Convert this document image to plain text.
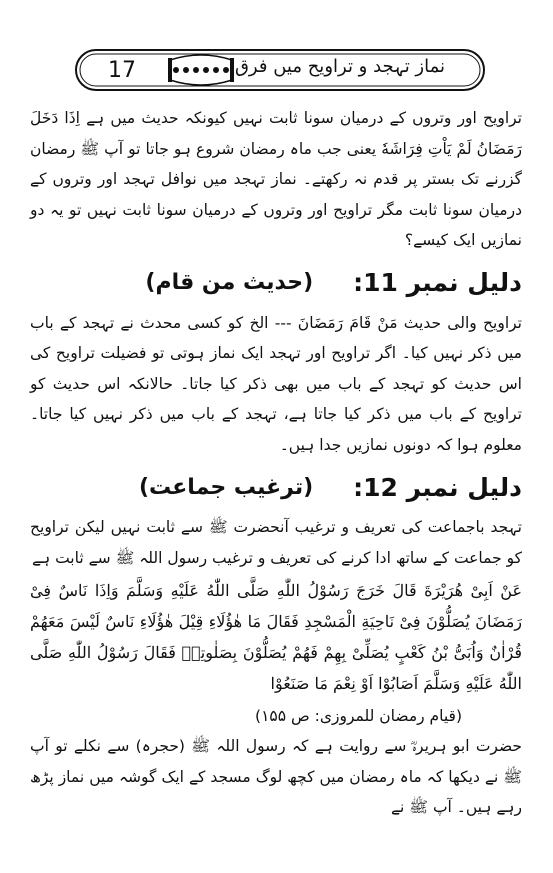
17	نماز تہجد و تراویح میں فرق

تراویح اور وتروں کے درمیان سونا ثابت نہیں کیونکہ حدیث میں ہے اِذَا دَخَلَ رَمَضَانُ لَمْ یَاْتِ فِرَاشَهٗ یعنی جب ماہ رمضان شروع ہو جاتا تو آپ ﷺ رمضان گزرنے تک بستر پر قدم نہ رکھتے۔ نماز تہجد میں نوافل تہجد اور وتروں کے درمیان سونا ثابت مگر تراویح اور وتروں کے درمیان سونا ثابت نہیں تو یہ دو نمازیں ایک کیسے؟

دلیل نمبر 11:
(حدیث من قام)

تراویح والی حدیث مَنْ قَامَ رَمَضَانَ --- الخ کو کسی محدث نے تہجد کے باب میں ذکر نہیں کیا۔ اگر تراویح اور تہجد ایک نماز ہوتی تو فضیلت تراویح کی اس حدیث کو تہجد کے باب میں بھی ذکر کیا جاتا۔ حالانکہ اس حدیث کو تراویح کے باب میں ذکر کیا جاتا ہے، تہجد کے باب میں ذکر نہیں کیا جاتا۔ معلوم ہوا کہ دونوں نمازیں جدا ہیں۔

دلیل نمبر 12:
(ترغیب جماعت)

تہجد باجماعت کی تعریف و ترغیب آنحضرت ﷺ سے ثابت نہیں لیکن تراویح کو جماعت کے ساتھ ادا کرنے کی تعریف و ترغیب رسول اللہ ﷺ سے ثابت ہے

عَنْ اَبِیْ هُرَیْرَةَ قَالَ خَرَجَ رَسُوْلُ اللّٰهِ صَلَّى اللّٰهُ عَلَيْهِ وَسَلَّمَ وَاِذَا نَاسٌ فِیْ رَمَضَانَ يُصَلُّوْنَ فِیْ نَاحِيَةِ الْمَسْجِدِ فَقَالَ مَا هٰؤُلَاءِ قِيْلَ هٰؤُلَاءِ نَاسٌ لَيْسَ مَعَهُمْ قُرْاٰنٌ وَاُبَیُّ بْنُ كَعْبٍ يُصَلِّیْ بِهِمْ فَهُمْ يُصَلُّوْنَ بِصَلٰوتِهٖ فَقَالَ رَسُوْلُ اللّٰهِ صَلَّى اللّٰهُ عَلَيْهِ وَسَلَّمَ اَصَابُوْا اَوْ نِعْمَ مَا صَنَعُوْا

(قیام رمضان للمروزی: ص ۱۵۵)

حضرت ابو ہریرہؓ سے روایت ہے کہ رسول اللہ ﷺ (حجرہ) سے نکلے تو آپ ﷺ نے دیکھا کہ ماہ رمضان میں کچھ لوگ مسجد کے ایک گوشہ میں نماز پڑھ رہے ہیں۔ آپ ﷺ نے
